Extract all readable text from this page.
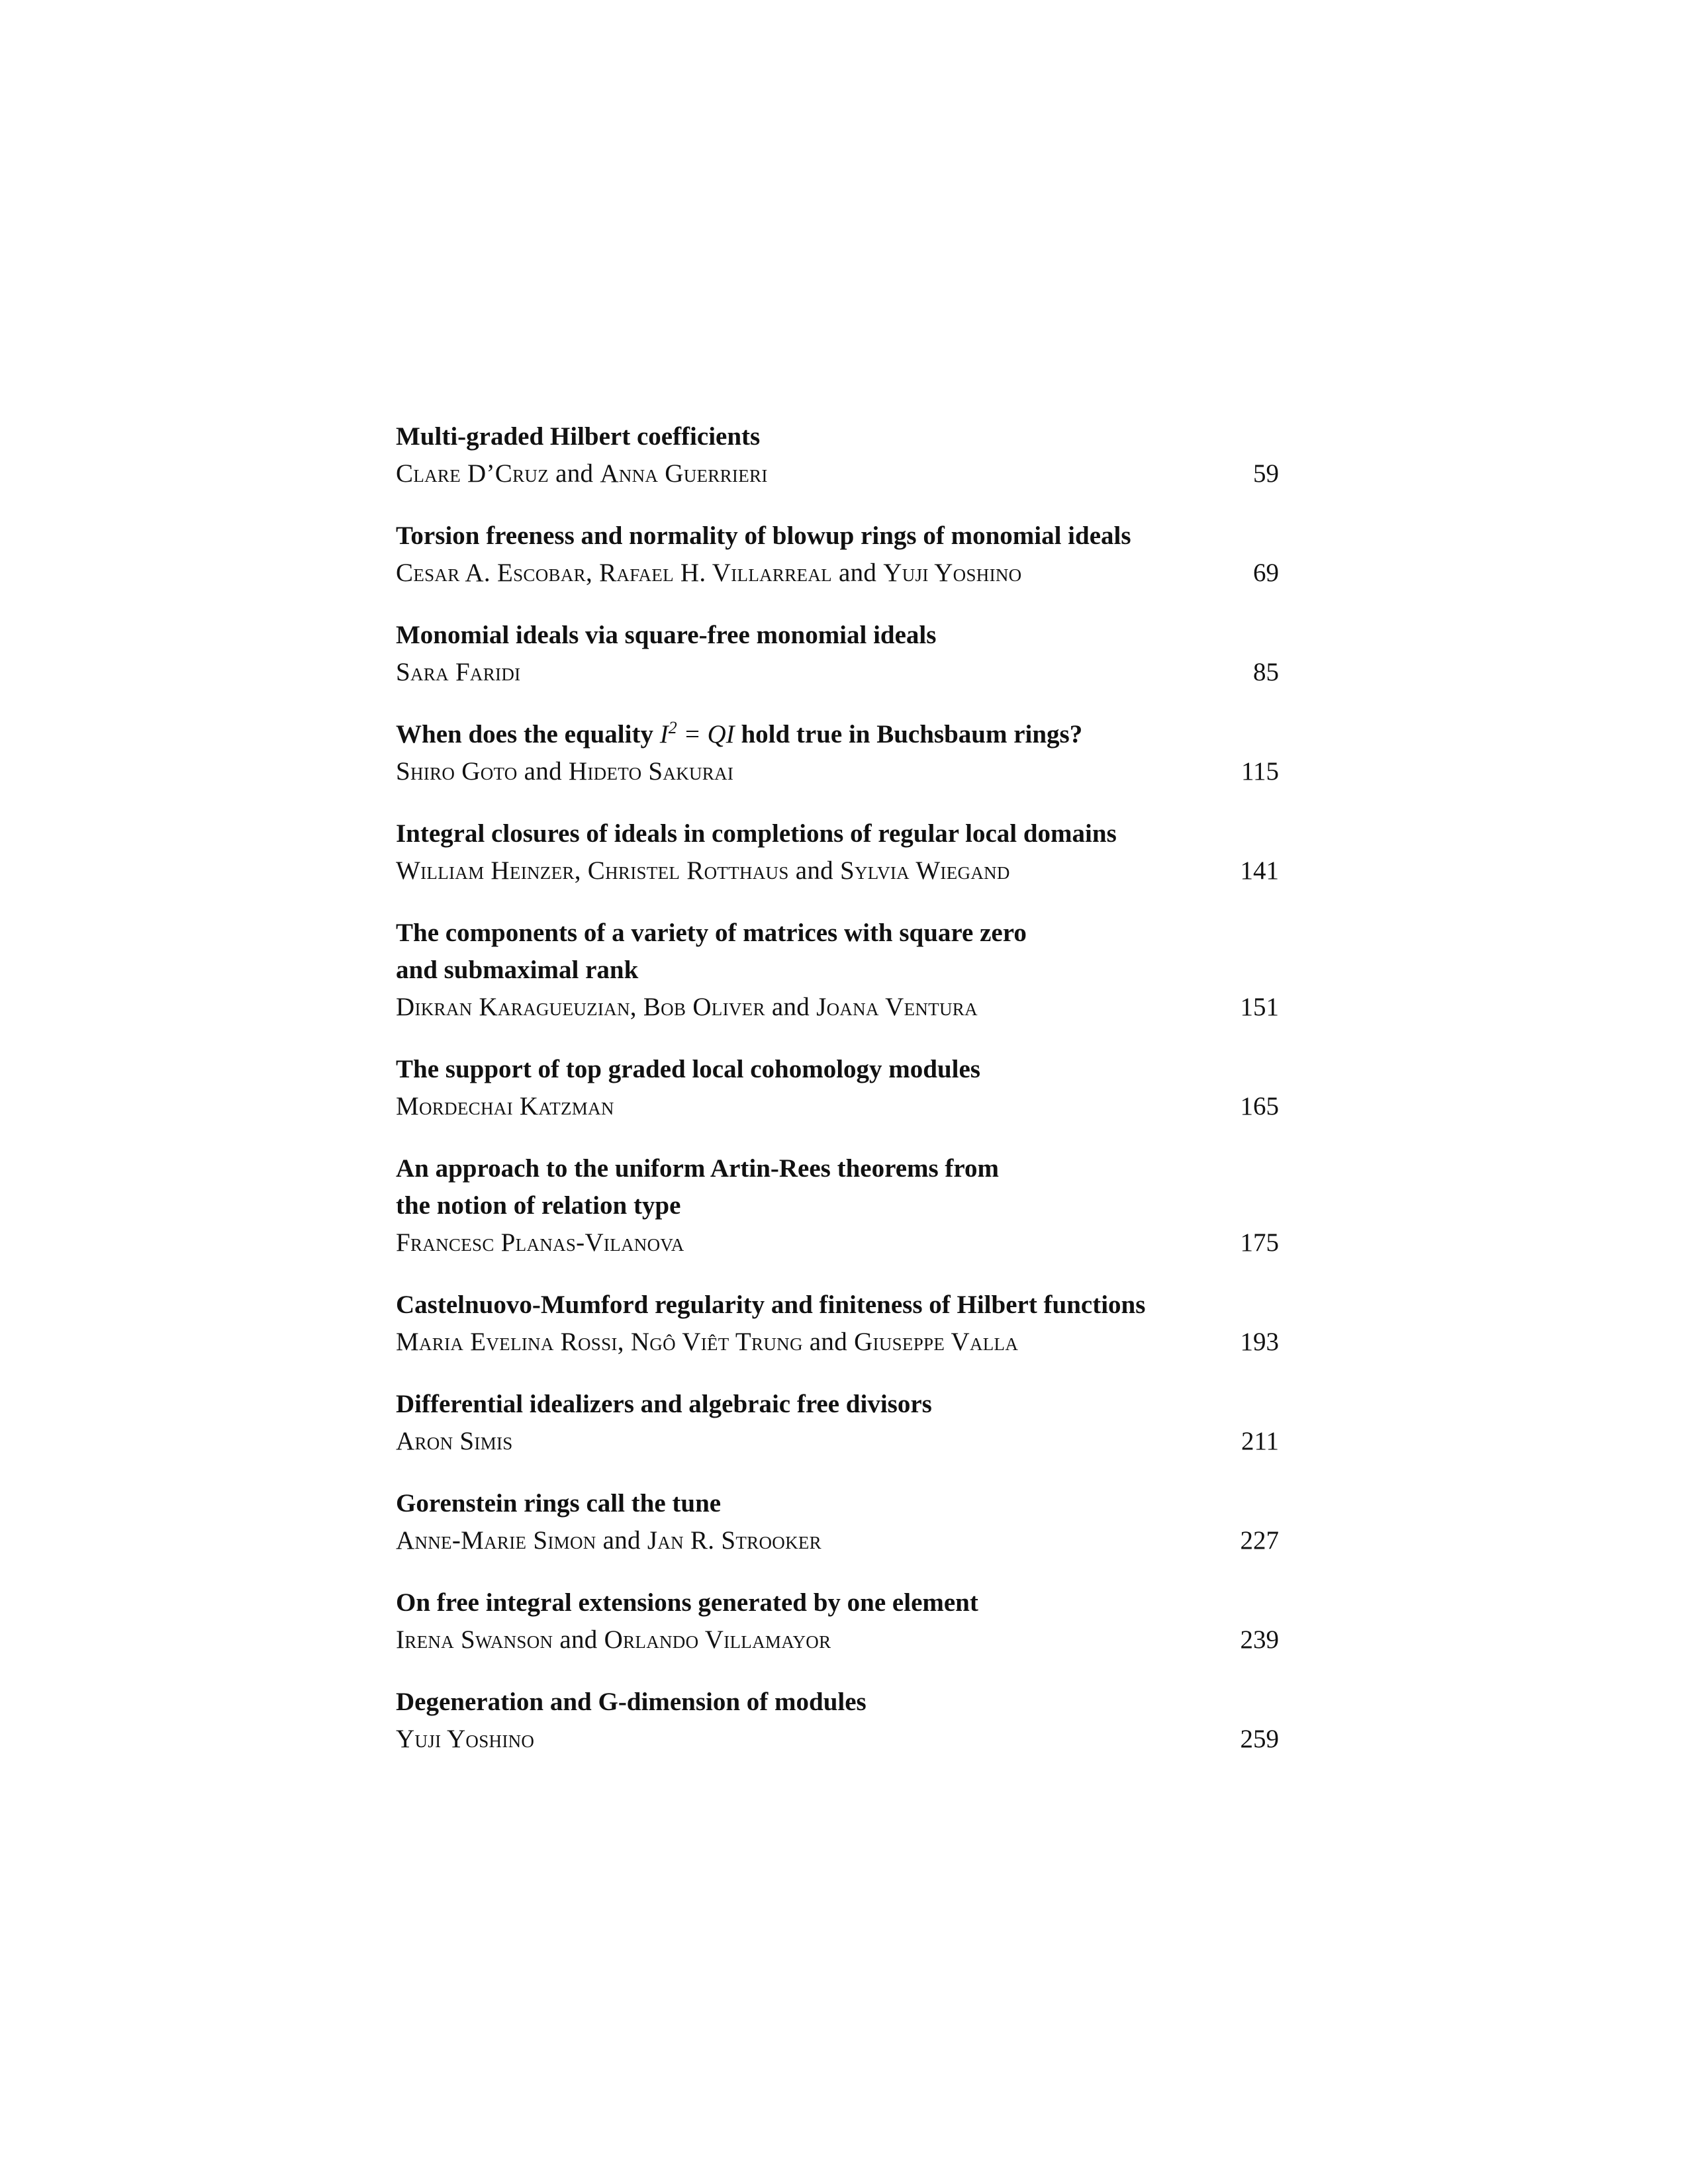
Multi-graded Hilbert coefficients
Clare D’Cruz and Anna Guerrieri	59
Torsion freeness and normality of blowup rings of monomial ideals
Cesar A. Escobar, Rafael H. Villarreal and Yuji Yoshino	69
Monomial ideals via square-free monomial ideals
Sara Faridi	85
When does the equality $I^2$ = QI hold true in Buchsbaum rings?
Shiro Goto and Hideto Sakurai	115
Integral closures of ideals in completions of regular local domains
William Heinzer, Christel Rotthaus and Sylvia Wiegand	141
The components of a variety of matrices with square zero
and submaximal rank
Dikran Karagueuzian, Bob Oliver and Joana Ventura	151
The support of top graded local cohomology modules
Mordechai Katzman	165
An approach to the uniform Artin-Rees theorems from
the notion of relation type
Francesc Planas-Vilanova	175
Castelnuovo-Mumford regularity and finiteness of Hilbert functions
Maria Evelina Rossi, Ngô Viêt Trung and Giuseppe Valla	193
Differential idealizers and algebraic free divisors
Aron Simis	211
Gorenstein rings call the tune
Anne-Marie Simon and Jan R. Strooker	227
On free integral extensions generated by one element
Irena Swanson and Orlando Villamayor	239
Degeneration and G-dimension of modules
Yuji Yoshino	259
